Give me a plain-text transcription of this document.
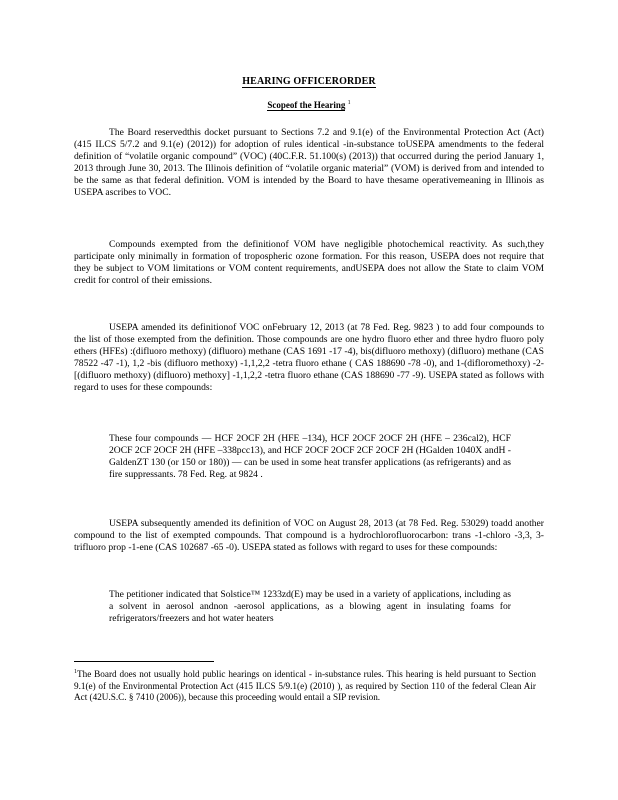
HEARING OFFICERORDER
Scopeof the Hearing $^1$

The Board reservedthis docket pursuant to Sections 7.2 and 9.1(e) of the Environmental Protection Act (Act) (415 ILCS 5/7.2 and 9.1(e) (2012)) for adoption of rules identical -in-substance toUSEPA amendments to the federal definition of “volatile organic compound” (VOC) (40C.F.R. 51.100(s) (2013)) that occurred during the period January 1, 2013 through June 30, 2013. The Illinois definition of “volatile organic material” (VOM) is derived from and intended to be the same as that federal definition. VOM is intended by the Board to have thesame operativemeaning in Illinois as USEPA ascribes to VOC.

Compounds exempted from the definitionof VOM have negligible photochemical reactivity. As such,they participate only minimally in formation of tropospheric ozone formation. For this reason, USEPA does not require that they be subject to VOM limitations or VOM content requirements, andUSEPA does not allow the State to claim VOM credit for control of their emissions.

USEPA amended its definitionof VOC onFebruary 12, 2013 (at 78 Fed. Reg. 9823 ) to add four compounds to the list of those exempted from the definition. Those compounds are one hydro fluoro ether and three hydro fluoro poly ethers (HFEs) :(difluoro methoxy) (difluoro) methane (CAS 1691 -17 -4), bis(difluoro methoxy) (difluoro) methane (CAS 78522 -47 -1), 1,2 -bis (difluoro methoxy) -1,1,2,2 -tetra fluoro ethane ( CAS 188690 -78 -0), and 1-(difloromethoxy) -2-[(difluoro methoxy) (difluoro) methoxy] -1,1,2,2 -tetra fluoro ethane (CAS 188690 -77 -9). USEPA stated as follows with regard to uses for these compounds:

These four compounds — HCF 2OCF 2H (HFE –134), HCF 2OCF 2OCF 2H (HFE – 236cal2), HCF 2OCF 2CF 2OCF 2H (HFE –338pcc13), and HCF 2OCF 2OCF 2CF 2OCF 2H (HGalden 1040X andH - GaldenZT 130 (or 150 or 180)) — can be used in some heat transfer applications (as refrigerants) and as fire suppressants. 78 Fed. Reg. at 9824 .

USEPA subsequently amended its definition of VOC on August 28, 2013 (at 78 Fed. Reg. 53029) toadd another compound to the list of exempted compounds. That compound is a hydrochlorofluorocarbon: trans -1-chloro -3,3, 3-trifluoro prop -1-ene (CAS 102687 -65 -0). USEPA stated as follows with regard to uses for these compounds:

The petitioner indicated that Solstice™ 1233zd(E) may be used in a variety of applications, including as a solvent in aerosol andnon -aerosol applications, as a blowing agent in insulating foams for refrigerators/freezers and hot water heaters

$^1$The Board does not usually hold public hearings on identical - in-substance rules. This hearing is held pursuant to Section 9.1(e) of the Environmental Protection Act (415 ILCS 5/9.1(e) (2010) ), as required by Section 110 of the federal Clean Air Act (42U.S.C. § 7410 (2006)), because this proceeding would entail a SIP revision.
